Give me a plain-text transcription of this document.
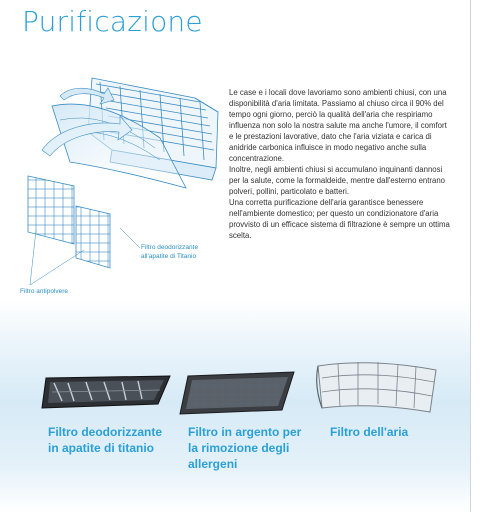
Purificazione
Filtro deodorizzante all'apatite di Titanio
Filtro antipolvere

Le case e i locali dove lavoriamo sono ambienti chiusi, con una disponibilità d'aria limitata. Passiamo al chiuso circa il 90% del tempo ogni giorno, perciò la qualità dell'aria che respiriamo influenza non solo la nostra salute ma anche l'umore, il comfort e le prestazioni lavorative, dato che l'aria viziata e carica di anidride carbonica influisce in modo negativo anche sulla concentrazione.

Inoltre, negli ambienti chiusi si accumulano inquinanti dannosi per la salute, come la formaldeide, mentre dall'esterno entrano polveri, pollini, particolato e batteri.

Una corretta purificazione dell'aria garantisce benessere nell'ambiente domestico; per questo un condizionatore d'aria provvisto di un efficace sistema di filtrazione è sempre un ottima scelta.

Filtro deodorizzante in apatite di titanio

Filtro in argento per la rimozione degli allergeni

Filtro dell'aria
